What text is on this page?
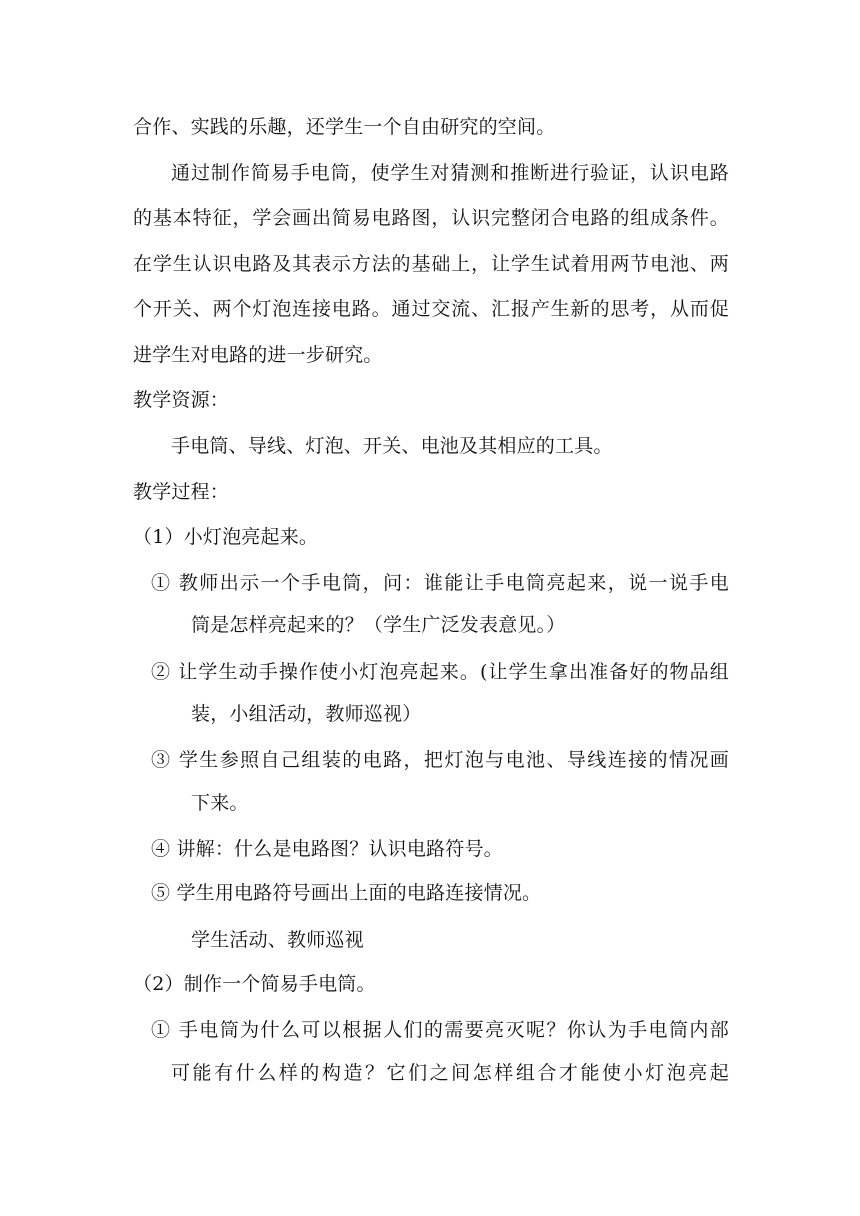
合作、实践的乐趣，还学生一个自由研究的空间。
通过制作简易手电筒，使学生对猜测和推断进行验证，认识电路
的基本特征，学会画出简易电路图，认识完整闭合电路的组成条件。
在学生认识电路及其表示方法的基础上，让学生试着用两节电池、两
个开关、两个灯泡连接电路。通过交流、汇报产生新的思考，从而促
进学生对电路的进一步研究。
教学资源：
手电筒、导线、灯泡、开关、电池及其相应的工具。
教学过程：
（1）小灯泡亮起来。
① 教师出示一个手电筒，问：谁能让手电筒亮起来，说一说手电
筒是怎样亮起来的？（学生广泛发表意见。）
② 让学生动手操作使小灯泡亮起来。(让学生拿出准备好的物品组
装，小组活动，教师巡视）
③ 学生参照自己组装的电路，把灯泡与电池、导线连接的情况画
下来。
④ 讲解：什么是电路图？认识电路符号。
⑤ 学生用电路符号画出上面的电路连接情况。
学生活动、教师巡视
（2）制作一个简易手电筒。
① 手电筒为什么可以根据人们的需要亮灭呢？你认为手电筒内部
可能有什么样的构造？它们之间怎样组合才能使小灯泡亮起
